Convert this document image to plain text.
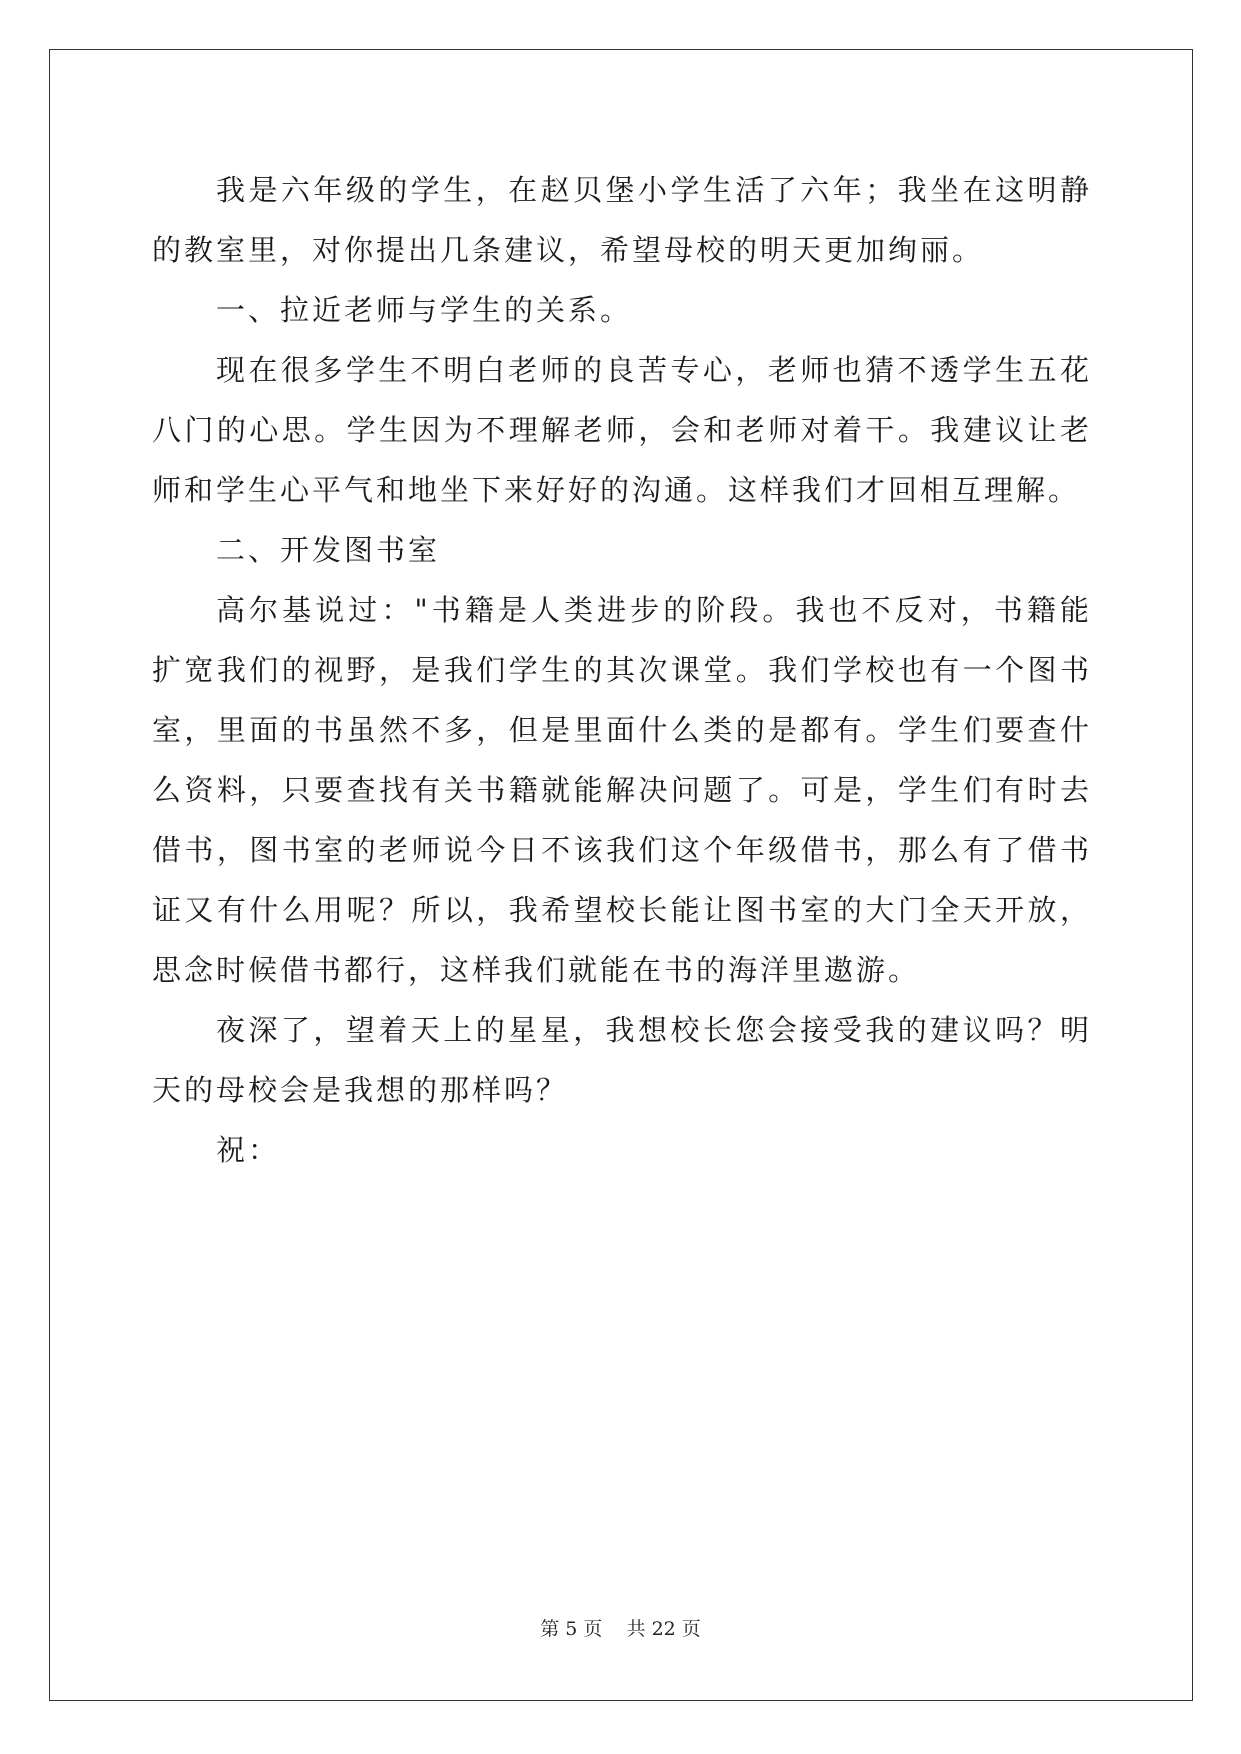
我是六年级的学生，在赵贝堡小学生活了六年；我坐在这明静的教室里，对你提出几条建议，希望母校的明天更加绚丽。

一、拉近老师与学生的关系。

现在很多学生不明白老师的良苦专心，老师也猜不透学生五花八门的心思。学生因为不理解老师，会和老师对着干。我建议让老师和学生心平气和地坐下来好好的沟通。这样我们才回相互理解。

二、开发图书室

高尔基说过："书籍是人类进步的阶段。我也不反对，书籍能扩宽我们的视野，是我们学生的其次课堂。我们学校也有一个图书室，里面的书虽然不多，但是里面什么类的是都有。学生们要查什么资料，只要查找有关书籍就能解决问题了。可是，学生们有时去借书，图书室的老师说今日不该我们这个年级借书，那么有了借书证又有什么用呢？所以，我希望校长能让图书室的大门全天开放，思念时候借书都行，这样我们就能在书的海洋里遨游。

夜深了，望着天上的星星，我想校长您会接受我的建议吗？明天的母校会是我想的那样吗？

祝：

第 5 页    共 22 页
